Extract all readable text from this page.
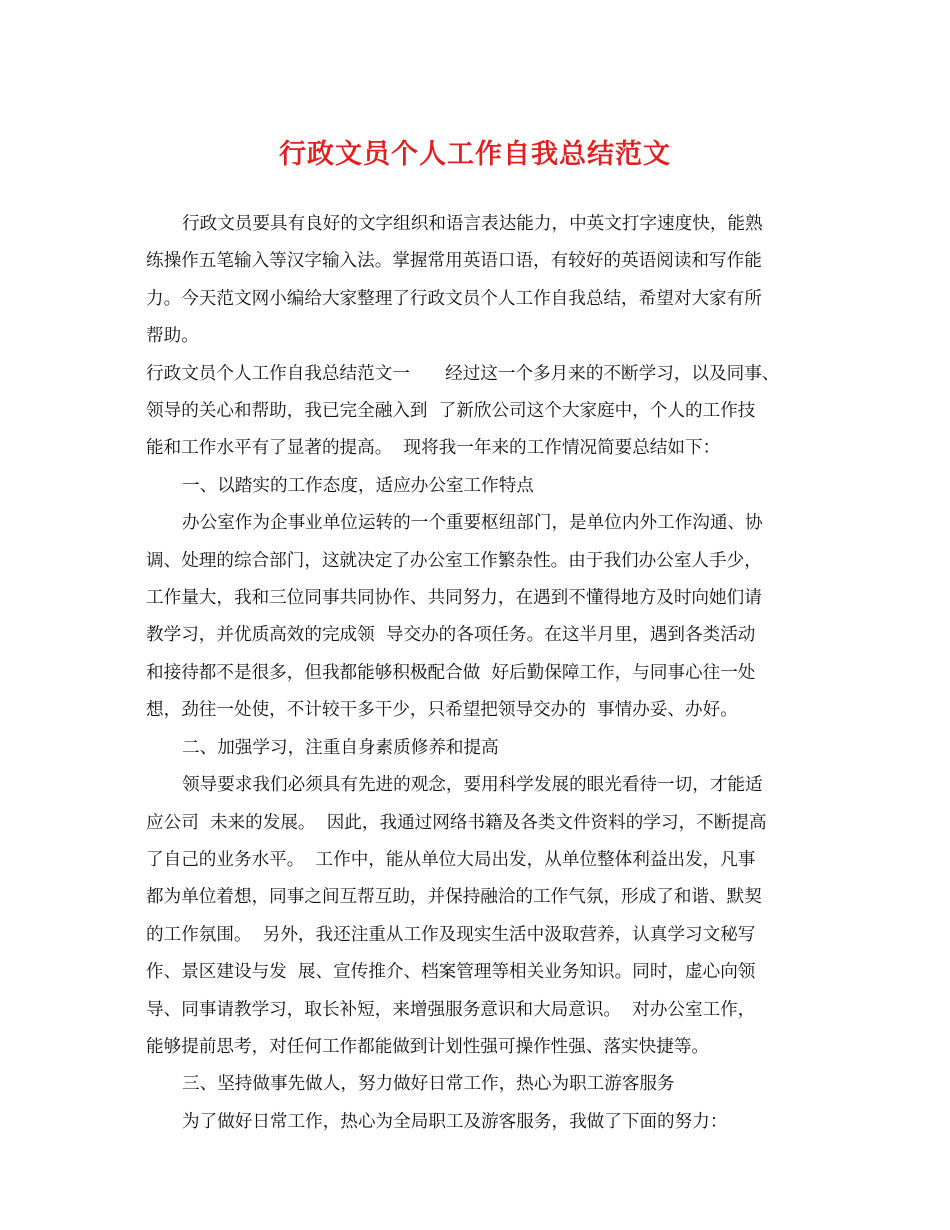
行政文员个人工作自我总结范文

行政文员要具有良好的文字组织和语言表达能力，中英文打字速度快，能熟

练操作五笔输入等汉字输入法。掌握常用英语口语，有较好的英语阅读和写作能

力。今天范文网小编给大家整理了行政文员个人工作自我总结，希望对大家有所

帮助。

行政文员个人工作自我总结范文一　　经过这一个多月来的不断学习，以及同事、

领导的关心和帮助，我已完全融入到  了新欣公司这个大家庭中，个人的工作技

能和工作水平有了显著的提高。  现将我一年来的工作情况简要总结如下：

一、以踏实的工作态度，适应办公室工作特点

办公室作为企事业单位运转的一个重要枢纽部门，是单位内外工作沟通、协

调、处理的综合部门，这就决定了办公室工作繁杂性。由于我们办公室人手少，

工作量大，我和三位同事共同协作、共同努力，在遇到不懂得地方及时向她们请

教学习，并优质高效的完成领  导交办的各项任务。在这半月里，遇到各类活动

和接待都不是很多，但我都能够积极配合做  好后勤保障工作，与同事心往一处

想，劲往一处使，不计较干多干少，只希望把领导交办的  事情办妥、办好。

二、加强学习，注重自身素质修养和提高

领导要求我们必须具有先进的观念，要用科学发展的眼光看待一切，才能适

应公司  未来的发展。  因此，我通过网络书籍及各类文件资料的学习，不断提高

了自己的业务水平。  工作中，能从单位大局出发，从单位整体利益出发，凡事

都为单位着想，同事之间互帮互助，并保持融洽的工作气氛，形成了和谐、默契

的工作氛围。  另外，我还注重从工作及现实生活中汲取营养，认真学习文秘写

作、景区建设与发  展、宣传推介、档案管理等相关业务知识。同时，虚心向领

导、同事请教学习，取长补短，来增强服务意识和大局意识。  对办公室工作，

能够提前思考，对任何工作都能做到计划性强可操作性强、落实快捷等。

三、坚持做事先做人，努力做好日常工作，热心为职工游客服务

为了做好日常工作，热心为全局职工及游客服务，我做了下面的努力：
